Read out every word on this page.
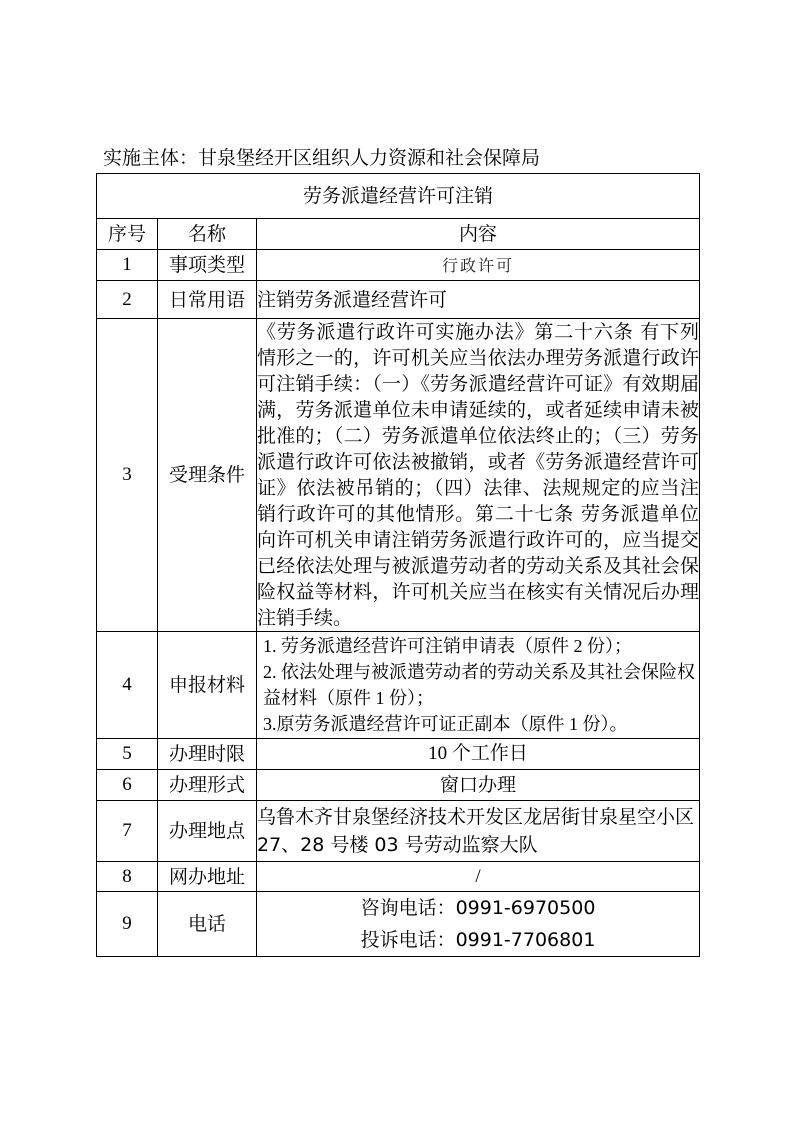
实施主体：甘泉堡经开区组织人力资源和社会保障局
劳务派遣经营许可注销		
序号	名称	内容
1	事项类型	行政许可
2	日常用语	注销劳务派遣经营许可
3	受理条件	《劳务派遣行政许可实施办法》第二十六条 有下列情形之一的，许可机关应当依法办理劳务派遣行政许可注销手续：（一）《劳务派遣经营许可证》有效期届满，劳务派遣单位未申请延续的，或者延续申请未被批准的；（二）劳务派遣单位依法终止的；（三）劳务派遣行政许可依法被撤销，或者《劳务派遣经营许可证》依法被吊销的；（四）法律、法规规定的应当注销行政许可的其他情形。第二十七条 劳务派遣单位向许可机关申请注销劳务派遣行政许可的，应当提交已经依法处理与被派遣劳动者的劳动关系及其社会保险权益等材料，许可机关应当在核实有关情况后办理注销手续。
4	申报材料	1. 劳务派遣经营许可注销申请表（原件 2 份）；
2. 依法处理与被派遣劳动者的劳动关系及其社会保险权益材料（原件 1 份）；
3.原劳务派遣经营许可证正副本（原件 1 份）。

5	办理时限	10 个工作日
6	办理形式	窗口办理
7	办理地点	乌鲁木齐甘泉堡经济技术开发区龙居街甘泉星空小区 27、28 号楼 03 号劳动监察大队
8	网办地址	/
9	电话	咨询电话：0991-6970500
投诉电话：0991-7706801
